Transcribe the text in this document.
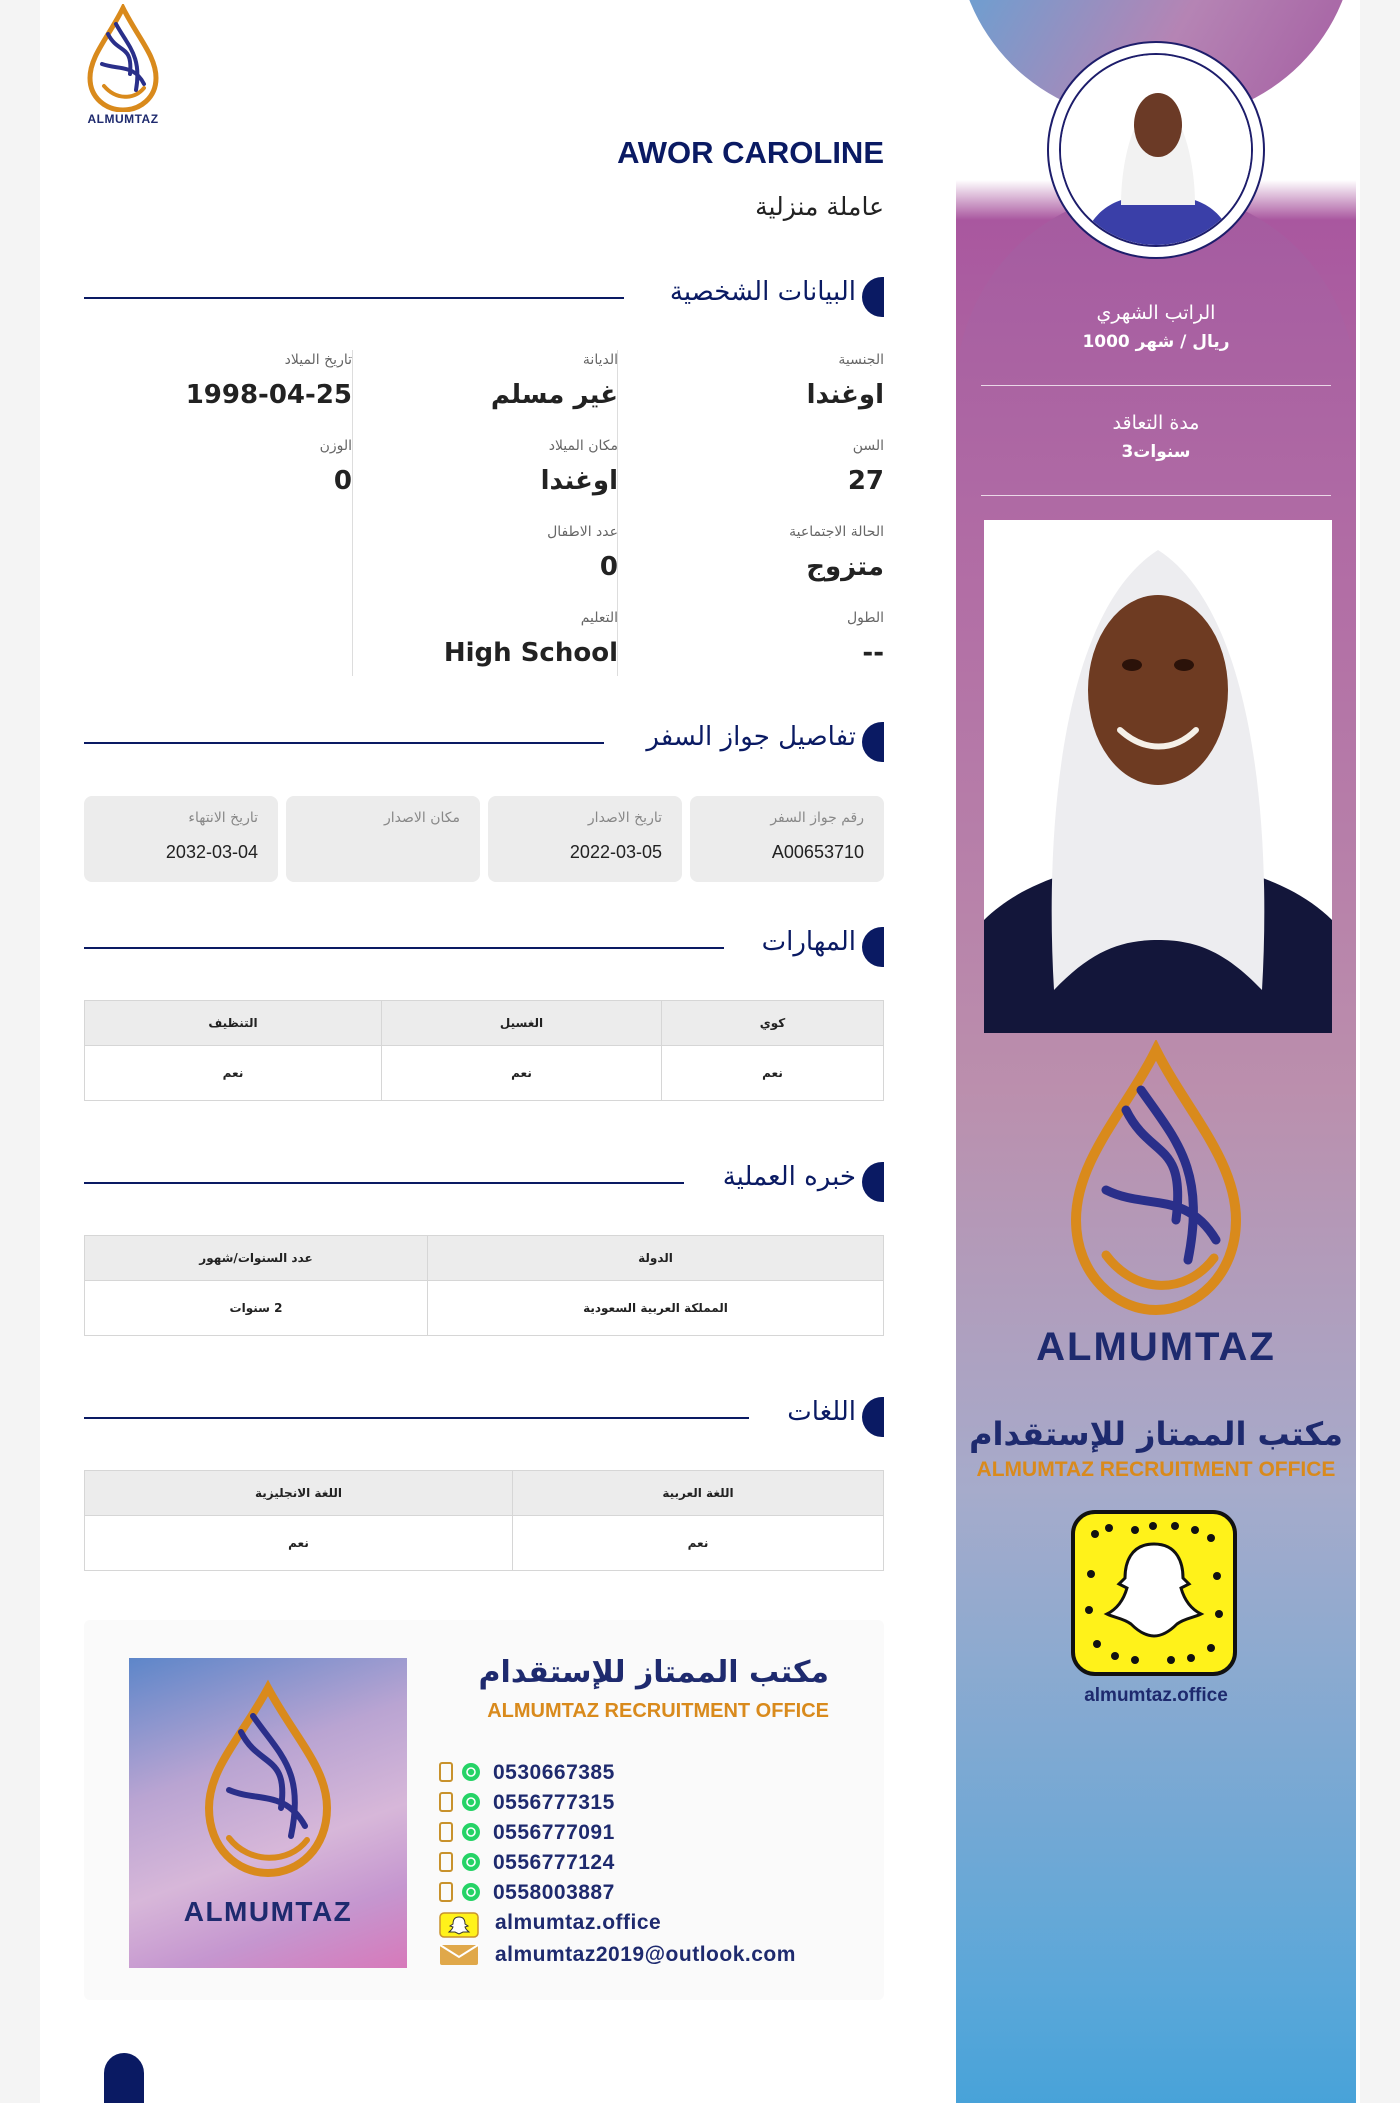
ALMUMTAZ
AWOR CAROLINE
عاملة منزلية
البيانات الشخصية
الجنسية
اوغندا
السن
27
الحالة الاجتماعية
متزوج
الطول
--
الديانة
غير مسلم
مكان الميلاد
اوغندا
عدد الاطفال
0
التعليم
High School
تاريخ الميلاد
1998-04-25
الوزن
0
تفاصيل جواز السفر
رقم جواز السفر
A00653710
تاريخ الاصدار
2022-03-05
مكان الاصدار
تاريخ الانتهاء
2032-03-04
المهارات
كوي	الغسيل	التنظيف
نعم	نعم	نعم
خبره العملية
الدولة	عدد السنوات/شهور
المملكة العربية السعودية	2 سنوات
اللغات
اللغة العربية	اللغة الانجليزية
نعم	نعم
ALMUMTAZ
مكتب الممتاز للإستقدام
ALMUMTAZ RECRUITMENT OFFICE
0530667385
0556777315
0556777091
0556777124
0558003887
almumtaz.office
almumtaz2019@outlook.com
الراتب الشهري
1000 ريال / شهر
مدة التعاقد
3سنوات
ALMUMTAZ
مكتب الممتاز للإستقدام
ALMUMTAZ RECRUITMENT OFFICE
almumtaz.office
